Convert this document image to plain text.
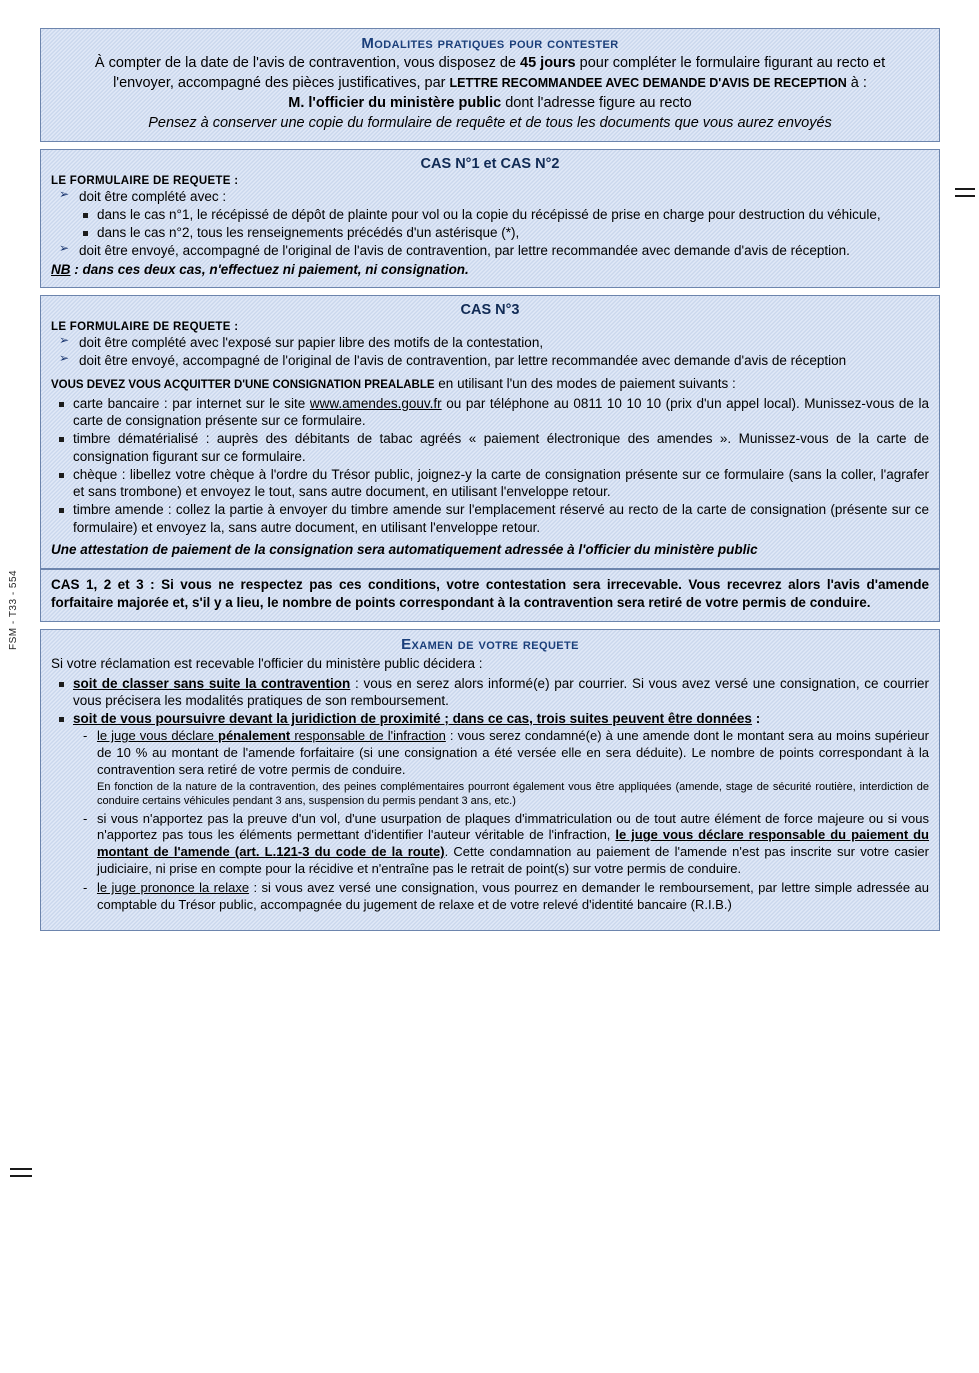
FSM - T33 - 554
Modalites pratiques pour contester

À compter de la date de l'avis de contravention, vous disposez de 45 jours pour compléter le formulaire figurant au recto et

l'envoyer, accompagné des pièces justificatives, par LETTRE RECOMMANDEE AVEC DEMANDE D'AVIS DE RECEPTION à :

M. l'officier du ministère public dont l'adresse figure au recto

Pensez à conserver une copie du formulaire de requête et de tous les documents que vous aurez envoyés

CAS N°1 et CAS N°2
LE FORMULAIRE DE REQUETE :
➢ doit être complété avec :
dans le cas n°1, le récépissé de dépôt de plainte pour vol ou la copie du récépissé de prise en charge pour destruction du véhicule,
dans le cas n°2, tous les renseignements précédés d'un astérisque (*),
➢ doit être envoyé, accompagné de l'original de l'avis de contravention, par lettre recommandée avec demande d'avis de réception.

NB : dans ces deux cas, n'effectuez ni paiement, ni consignation.

CAS N°3
LE FORMULAIRE DE REQUETE :
➢ doit être complété avec l'exposé sur papier libre des motifs de la contestation,
➢ doit être envoyé, accompagné de l'original de l'avis de contravention, par lettre recommandée avec demande d'avis de réception

VOUS DEVEZ VOUS ACQUITTER D'UNE CONSIGNATION PREALABLE en utilisant l'un des modes de paiement suivants :

carte bancaire : par internet sur le site www.amendes.gouv.fr ou par téléphone au 0811 10 10 10 (prix d'un appel local). Munissez-vous de la carte de consignation présente sur ce formulaire.
timbre dématérialisé : auprès des débitants de tabac agréés « paiement électronique des amendes ». Munissez-vous de la carte de consignation figurant sur ce formulaire.
chèque : libellez votre chèque à l'ordre du Trésor public, joignez-y la carte de consignation présente sur ce formulaire (sans la coller, l'agrafer et sans trombone) et envoyez le tout, sans autre document, en utilisant l'enveloppe retour.
timbre amende : collez la partie à envoyer du timbre amende sur l'emplacement réservé au recto de la carte de consignation (présente sur ce formulaire) et envoyez la, sans autre document, en utilisant l'enveloppe retour.

Une attestation de paiement de la consignation sera automatiquement adressée à l'officier du ministère public

CAS 1, 2 et 3 : Si vous ne respectez pas ces conditions, votre contestation sera irrecevable. Vous recevrez alors l'avis d'amende forfaitaire majorée et, s'il y a lieu, le nombre de points correspondant à la contravention sera retiré de votre permis de conduire.

Examen de votre requete

Si votre réclamation est recevable l'officier du ministère public décidera :

soit de classer sans suite la contravention : vous en serez alors informé(e) par courrier. Si vous avez versé une consignation, ce courrier vous précisera les modalités pratiques de son remboursement.
soit de vous poursuivre devant la juridiction de proximité ; dans ce cas, trois suites peuvent être données :
- le juge vous déclare pénalement responsable de l'infraction : vous serez condamné(e) à une amende dont le montant sera au moins supérieur de 10 % au montant de l'amende forfaitaire (si une consignation a été versée elle en sera déduite). Le nombre de points correspondant à la contravention sera retiré de votre permis de conduire.
En fonction de la nature de la contravention, des peines complémentaires pourront également vous être appliquées (amende, stage de sécurité routière, interdiction de conduire certains véhicules pendant 3 ans, suspension du permis pendant 3 ans, etc.)
- si vous n'apportez pas la preuve d'un vol, d'une usurpation de plaques d'immatriculation ou de tout autre élément de force majeure ou si vous n'apportez pas tous les éléments permettant d'identifier l'auteur véritable de l'infraction, le juge vous déclare responsable du paiement du montant de l'amende (art. L.121-3 du code de la route). Cette condamnation au paiement de l'amende n'est pas inscrite sur votre casier judiciaire, ni prise en compte pour la récidive et n'entraîne pas le retrait de point(s) sur votre permis de conduire.
- le juge prononce la relaxe : si vous avez versé une consignation, vous pourrez en demander le remboursement, par lettre simple adressée au comptable du Trésor public, accompagnée du jugement de relaxe et de votre relevé d'identité bancaire (R.I.B.)
